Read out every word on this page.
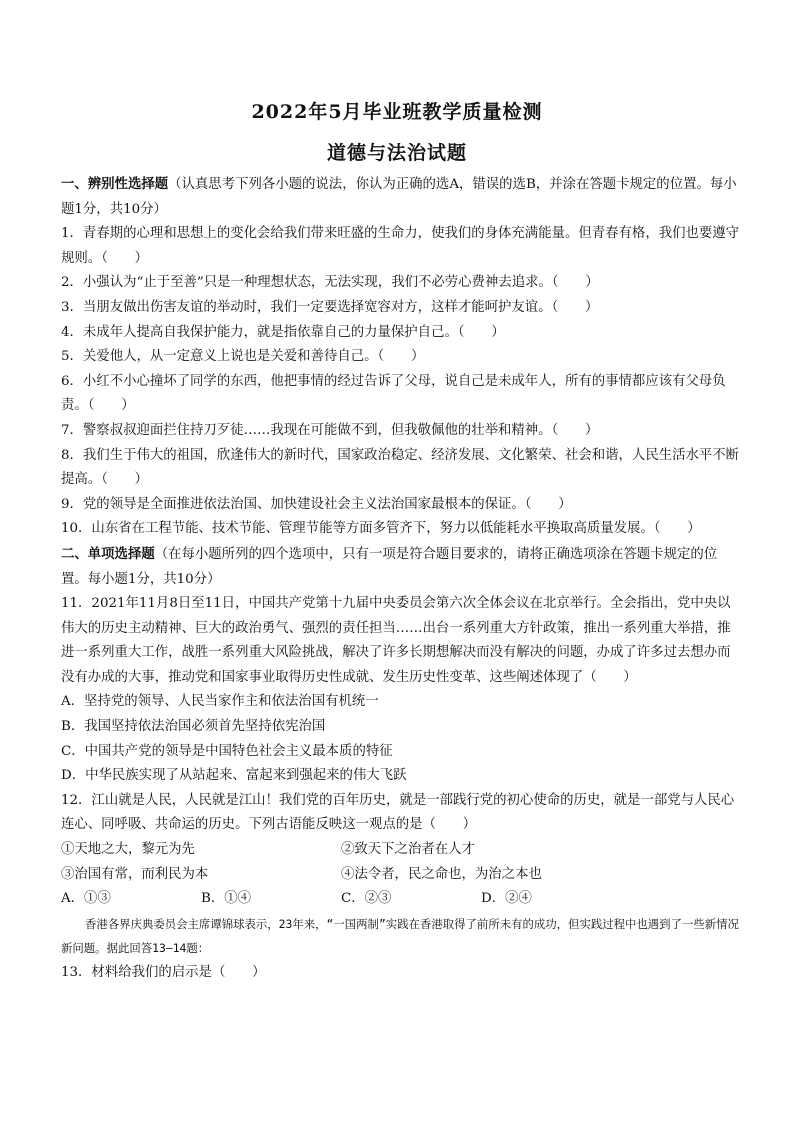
2022年5月毕业班教学质量检测
道德与法治试题

一、辨别性选择题（认真思考下列各小题的说法，你认为正确的选A，错误的选B，并涂在答题卡规定的位置。每小题1分，共10分）

1．青春期的心理和思想上的变化会给我们带来旺盛的生命力，使我们的身体充满能量。但青春有格，我们也要遵守规则。（　　）

2．小强认为“止于至善”只是一种理想状态，无法实现，我们不必劳心费神去追求。（　　）

3．当朋友做出伤害友谊的举动时，我们一定要选择宽容对方，这样才能呵护友谊。（　　）

4．未成年人提高自我保护能力，就是指依靠自己的力量保护自己。（　　）

5．关爱他人，从一定意义上说也是关爱和善待自己。（　　）

6．小红不小心撞坏了同学的东西，他把事情的经过告诉了父母，说自己是未成年人，所有的事情都应该有父母负责。（　　）

7．警察叔叔迎面拦住持刀歹徒……我现在可能做不到，但我敬佩他的壮举和精神。（　　）

8．我们生于伟大的祖国，欣逢伟大的新时代，国家政治稳定、经济发展、文化繁荣、社会和谐，人民生活水平不断提高。（　　）

9．党的领导是全面推进依法治国、加快建设社会主义法治国家最根本的保证。（　　）

10．山东省在工程节能、技术节能、管理节能等方面多管齐下，努力以低能耗水平换取高质量发展。（　　）

二、单项选择题（在每小题所列的四个选项中，只有一项是符合题目要求的，请将正确选项涂在答题卡规定的位置。每小题1分，共10分）

11．2021年11月8日至11日，中国共产党第十九届中央委员会第六次全体会议在北京举行。全会指出，党中央以伟大的历史主动精神、巨大的政治勇气、强烈的责任担当……出台一系列重大方针政策，推出一系列重大举措，推进一系列重大工作，战胜一系列重大风险挑战，解决了许多长期想解决而没有解决的问题，办成了许多过去想办而没有办成的大事，推动党和国家事业取得历史性成就、发生历史性变革、这些阐述体现了（　　）

A．坚持党的领导、人民当家作主和依法治国有机统一

B．我国坚持依法治国必须首先坚持依宪治国

C．中国共产党的领导是中国特色社会主义最本质的特征

D．中华民族实现了从站起来、富起来到强起来的伟大飞跃

12．江山就是人民，人民就是江山！我们党的百年历史，就是一部践行党的初心使命的历史，就是一部党与人民心连心、同呼吸、共命运的历史。下列古语能反映这一观点的是（　　）

①天地之大，黎元为先	②致天下之治者在人才
③治国有常，而利民为本	④法令者，民之命也，为治之本也
A．①③	B．①④	C．②③	D．②④

香港各界庆典委员会主席谭锦球表示，23年来，“一国两制”实践在香港取得了前所未有的成功，但实践过程中也遇到了一些新情况新问题。据此回答13—14题：

13．材料给我们的启示是（　　）
